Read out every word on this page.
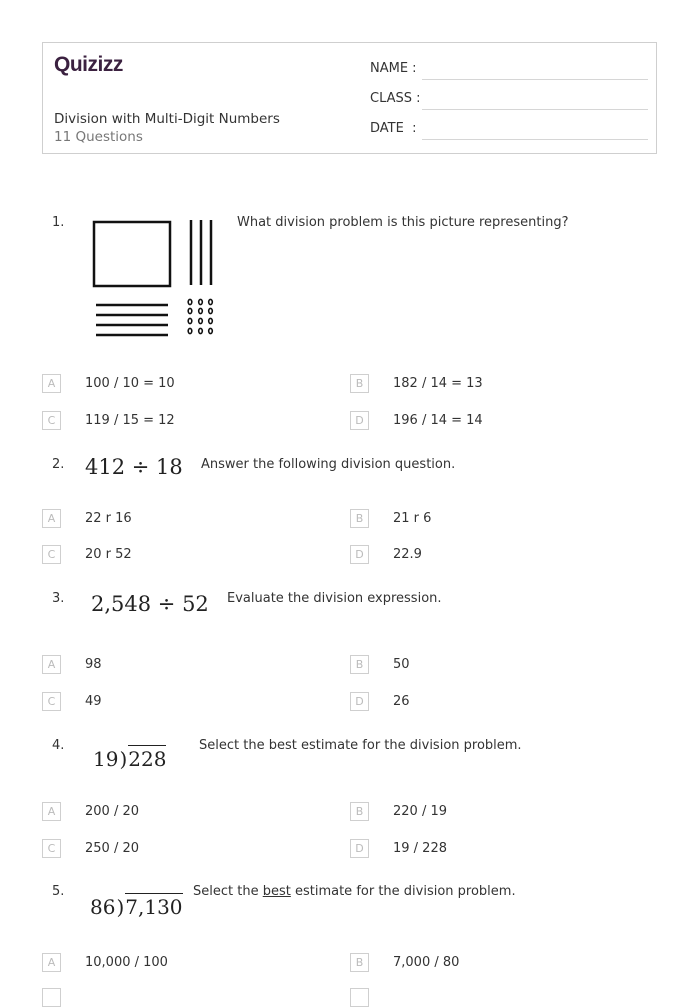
Quizizz
Division with Multi-Digit Numbers
11 Questions
NAME :
CLASS :
DATE  :
1.	What division problem is this picture representing?
A	100 / 10 = 10	B	182 / 14 = 13
C	119 / 15 = 12	D	196 / 14 = 14
2. 412 ÷ 18 Answer the following division question.
A	22 r 16	B	21 r 6
C	20 r 52	D	22.9
3. 2,548 ÷ 52 Evaluate the division expression.
A	98	B	50
C	49	D	26
4.
19)228
Select the best estimate for the division problem.
A	200 / 20	B	220 / 19
C	250 / 20	D	19 / 228
5.
86)7,130
Select the best estimate for the division problem.
A	10,000 / 100	B	7,000 / 80
